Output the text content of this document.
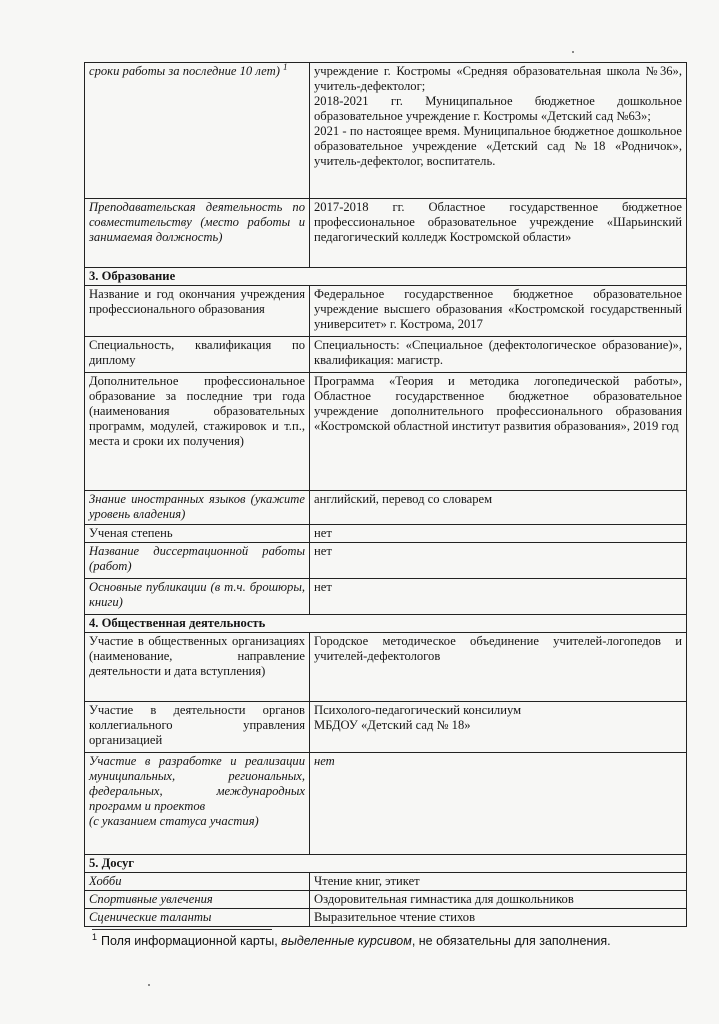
сроки работы за последние 10 лет) $^1$	учреждение г. Костромы «Средняя образовательная школа №36», учитель-дефектолог;
2018-2021 гг. Муниципальное бюджетное дошкольное образовательное учреждение г. Костромы «Детский сад №63»;
2021 - по настоящее время. Муниципальное бюджетное дошкольное образовательное учреждение «Детский сад №18 «Родничок», учитель-дефектолог, воспитатель.

Преподавательская деятельность по совместительству (место работы и занимаемая должность)	2017-2018 гг. Областное государственное бюджетное профессиональное образовательное учреждение «Шарьинский педагогический колледж Костромской области»
3. Образование	
Название и год окончания учреждения профессионального образования	Федеральное государственное бюджетное образовательное учреждение высшего образования «Костромской государственный университет» г. Кострома, 2017
Специальность, квалификация по диплому	Специальность: «Специальное (дефектологическое образование)», квалификация: магистр.
Дополнительное профессиональное образование за последние три года (наименования образовательных программ, модулей, стажировок и т.п., места и сроки их получения)	Программа «Теория и методика логопедической работы», Областное государственное бюджетное образовательное учреждение дополнительного профессионального образования «Костромской областной институт развития образования», 2019 год
Знание иностранных языков (укажите уровень владения)	английский, перевод со словарем
Ученая степень	нет
Название диссертационной работы (работ)	нет
Основные публикации (в т.ч. брошюры, книги)	нет
4. Общественная деятельность	
Участие в общественных организациях (наименование, направление деятельности и дата вступления)	Городское методическое объединение учителей-логопедов и учителей-дефектологов
Участие в деятельности органов коллегиального управления организацией	Психолого-педагогический консилиум
МБДОУ «Детский сад № 18»

Участие в разработке и реализации муниципальных, региональных, федеральных, международных программ и проектов
(с указанием статуса участия)	нет
5. Досуг	
Хобби	Чтение книг, этикет
Спортивные увлечения	Оздоровительная гимнастика для дошкольников
Сценические таланты	Выразительное чтение стихов
$^1$ Поля информационной карты, выделенные курсивом, не обязательны для заполнения.
